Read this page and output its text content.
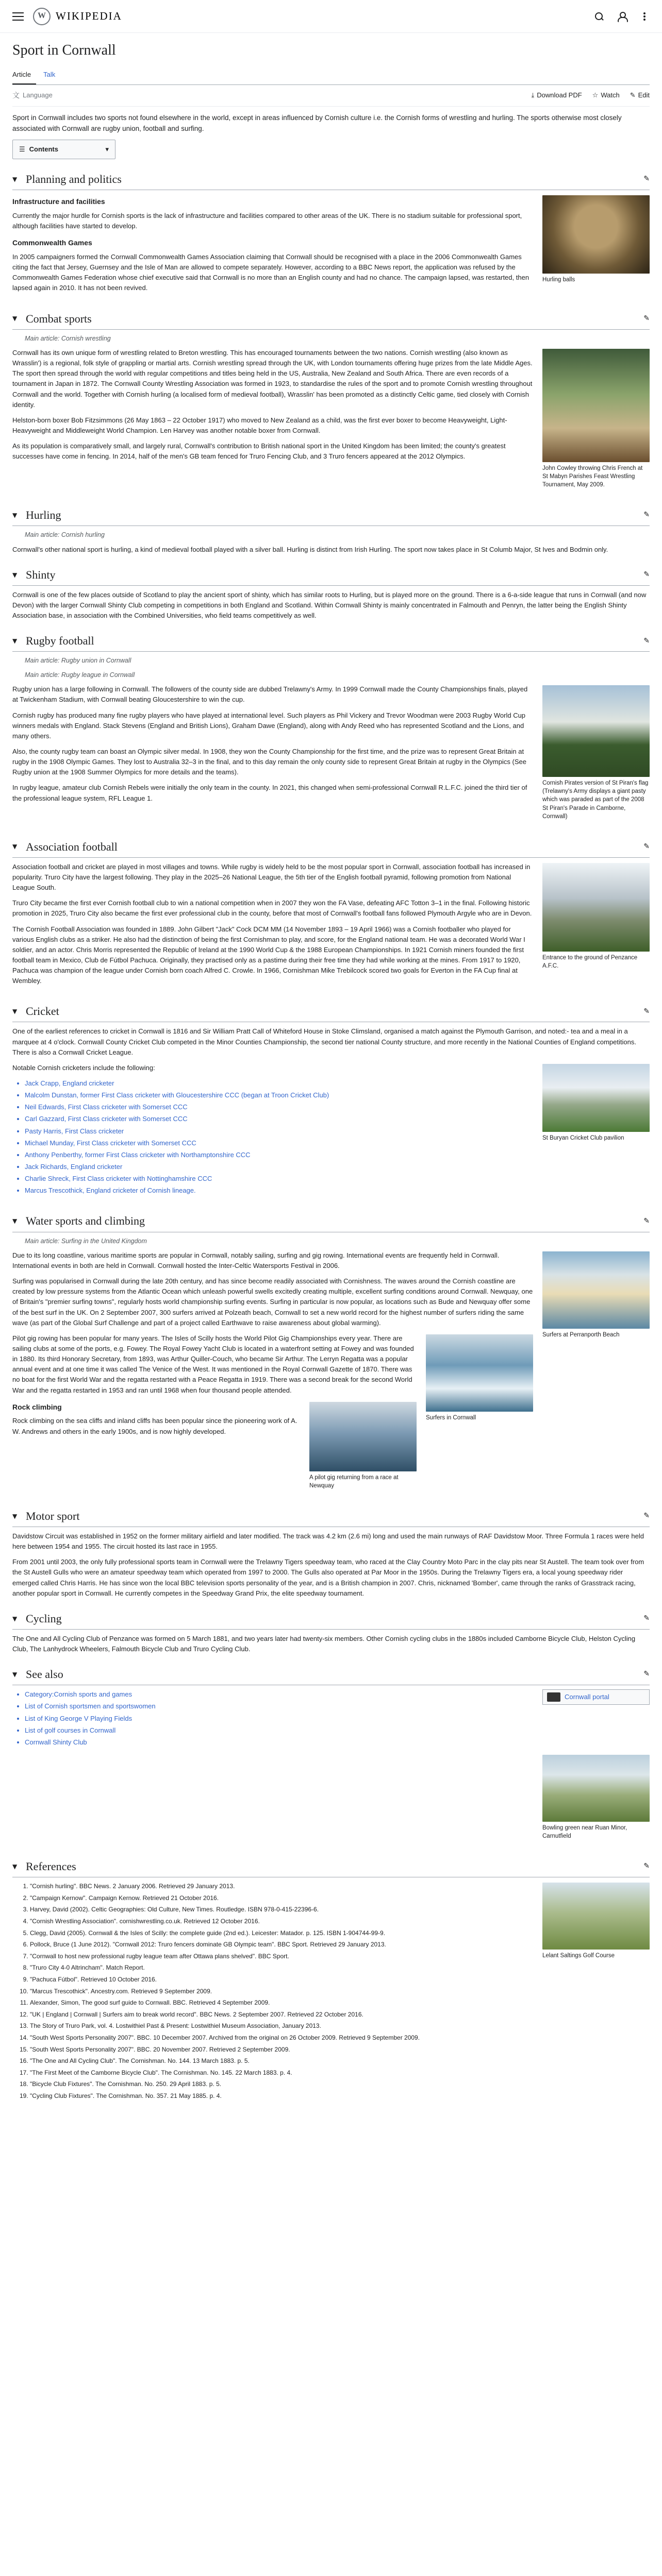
W WIKIPEDIA
Sport in Cornwall
Article	Talk
文 Language	⤓ Download PDF ☆ Watch ✎ Edit

Sport in Cornwall includes two sports not found elsewhere in the world, except in areas influenced by Cornish culture i.e. the Cornish forms of wrestling and hurling. The sports otherwise most closely associated with Cornwall are rugby union, football and surfing.

☰ Contents	▾
▼ Planning and politics	✎
Hurling balls
Infrastructure and facilities

Currently the major hurdle for Cornish sports is the lack of infrastructure and facilities compared to other areas of the UK. There is no stadium suitable for professional sport, although facilities have started to develop.

Commonwealth Games

In 2005 campaigners formed the Cornwall Commonwealth Games Association claiming that Cornwall should be recognised with a place in the 2006 Commonwealth Games citing the fact that Jersey, Guernsey and the Isle of Man are allowed to compete separately. However, according to a BBC News report, the application was refused by the Commonwealth Games Federation whose chief executive said that Cornwall is no more than an English county and had no chance. The campaign lapsed, was restarted, then lapsed again in 2010. It has not been revived.

▼ Combat sports	✎
Main article: Cornish wrestling
John Cowley throwing Chris French at St Mabyn Parishes Feast Wrestling Tournament, May 2009.

Cornwall has its own unique form of wrestling related to Breton wrestling. This has encouraged tournaments between the two nations. Cornish wrestling (also known as Wrasslin') is a regional, folk style of grappling or martial arts. Cornish wrestling spread through the UK, with London tournaments offering huge prizes from the late Middle Ages. The sport then spread through the world with regular competitions and titles being held in the US, Australia, New Zealand and South Africa. There are even records of a tournament in Japan in 1872. The Cornwall County Wrestling Association was formed in 1923, to standardise the rules of the sport and to promote Cornish wrestling throughout Cornwall and the world. Together with Cornish hurling (a localised form of medieval football), Wrasslin' has been promoted as a distinctly Celtic game, tied closely with Cornish identity.

Helston-born boxer Bob Fitzsimmons (26 May 1863 – 22 October 1917) who moved to New Zealand as a child, was the first ever boxer to become Heavyweight, Light-Heavyweight and Middleweight World Champion. Len Harvey was another notable boxer from Cornwall.

As its population is comparatively small, and largely rural, Cornwall's contribution to British national sport in the United Kingdom has been limited; the county's greatest successes have come in fencing. In 2014, half of the men's GB team fenced for Truro Fencing Club, and 3 Truro fencers appeared at the 2012 Olympics.

▼ Hurling	✎
Main article: Cornish hurling

Cornwall's other national sport is hurling, a kind of medieval football played with a silver ball. Hurling is distinct from Irish Hurling. The sport now takes place in St Columb Major, St Ives and Bodmin only.

▼ Shinty	✎

Cornwall is one of the few places outside of Scotland to play the ancient sport of shinty, which has similar roots to Hurling, but is played more on the ground. There is a 6-a-side league that runs in Cornwall (and now Devon) with the larger Cornwall Shinty Club competing in competitions in both England and Scotland. Within Cornwall Shinty is mainly concentrated in Falmouth and Penryn, the latter being the English Shinty Association base, in association with the Combined Universities, who field teams competitively as well.

▼ Rugby football	✎
Main article: Rugby union in Cornwall
Main article: Rugby league in Cornwall
Cornish Pirates version of St Piran's flag (Trelawny's Army displays a giant pasty which was paraded as part of the 2008 St Piran's Parade in Camborne, Cornwall)

Rugby union has a large following in Cornwall. The followers of the county side are dubbed Trelawny's Army. In 1999 Cornwall made the County Championships finals, played at Twickenham Stadium, with Cornwall beating Gloucestershire to win the cup.

Cornish rugby has produced many fine rugby players who have played at international level. Such players as Phil Vickery and Trevor Woodman were 2003 Rugby World Cup winners medals with England. Stack Stevens (England and British Lions), Graham Dawe (England), along with Andy Reed who has represented Scotland and the Lions, and many others.

Also, the county rugby team can boast an Olympic silver medal. In 1908, they won the County Championship for the first time, and the prize was to represent Great Britain at rugby in the 1908 Olympic Games. They lost to Australia 32–3 in the final, and to this day remain the only county side to represent Great Britain at rugby in the Olympics (See Rugby union at the 1908 Summer Olympics for more details and the teams).

In rugby league, amateur club Cornish Rebels were initially the only team in the county. In 2021, this changed when semi-professional Cornwall R.L.F.C. joined the third tier of the professional league system, RFL League 1.

▼ Association football	✎
Entrance to the ground of Penzance A.F.C.

Association football and cricket are played in most villages and towns. While rugby is widely held to be the most popular sport in Cornwall, association football has increased in popularity. Truro City have the largest following. They play in the 2025–26 National League, the 5th tier of the English football pyramid, following promotion from National League South.

Truro City became the first ever Cornish football club to win a national competition when in 2007 they won the FA Vase, defeating AFC Totton 3–1 in the final. Following historic promotion in 2025, Truro City also became the first ever professional club in the county, before that most of Cornwall's football fans followed Plymouth Argyle who are in Devon.

The Cornish Football Association was founded in 1889. John Gilbert "Jack" Cock DCM MM (14 November 1893 – 19 April 1966) was a Cornish footballer who played for various English clubs as a striker. He also had the distinction of being the first Cornishman to play, and score, for the England national team. He was a decorated World War I soldier, and an actor. Chris Morris represented the Republic of Ireland at the 1990 World Cup & the 1988 European Championships. In 1921 Cornish miners founded the first football team in Mexico, Club de Fútbol Pachuca. Originally, they practised only as a pastime during their free time they had while working at the mines. From 1917 to 1920, Pachuca was champion of the league under Cornish born coach Alfred C. Crowle. In 1966, Cornishman Mike Trebilcock scored two goals for Everton in the FA Cup final at Wembley.

▼ Cricket	✎

One of the earliest references to cricket in Cornwall is 1816 and Sir William Pratt Call of Whiteford House in Stoke Climsland, organised a match against the Plymouth Garrison, and noted:- tea and a meal in a marquee at 4 o'clock. Cornwall County Cricket Club competed in the Minor Counties Championship, the second tier national County structure, and more recently in the National Counties of England competitions. There is also a Cornwall Cricket League.

St Buryan Cricket Club pavilion

Notable Cornish cricketers include the following:

• Jack Crapp, England cricketer
• Malcolm Dunstan, former First Class cricketer with Gloucestershire CCC (began at Troon Cricket Club)
• Neil Edwards, First Class cricketer with Somerset CCC
• Carl Gazzard, First Class cricketer with Somerset CCC
• Pasty Harris, First Class cricketer
• Michael Munday, First Class cricketer with Somerset CCC
• Anthony Penberthy, former First Class cricketer with Northamptonshire CCC
• Jack Richards, England cricketer
• Charlie Shreck, First Class cricketer with Nottinghamshire CCC
• Marcus Trescothick, England cricketer of Cornish lineage.
▼ Water sports and climbing	✎
Main article: Surfing in the United Kingdom
Surfers at Perranporth Beach

Due to its long coastline, various maritime sports are popular in Cornwall, notably sailing, surfing and gig rowing. International events are frequently held in Cornwall. International events in both are held in Cornwall. Cornwall hosted the Inter-Celtic Watersports Festival in 2006.

Surfing was popularised in Cornwall during the late 20th century, and has since become readily associated with Cornishness. The waves around the Cornish coastline are created by low pressure systems from the Atlantic Ocean which unleash powerful swells excitedly creating multiple, excellent surfing conditions around Cornwall. Newquay, one of Britain's "premier surfing towns", regularly hosts world championship surfing events. Surfing in particular is now popular, as locations such as Bude and Newquay offer some of the best surf in the UK. On 2 September 2007, 300 surfers arrived at Polzeath beach, Cornwall to set a new world record for the highest number of surfers riding the same wave (as part of the Global Surf Challenge and part of a project called Earthwave to raise awareness about global warming).

Surfers in Cornwall

Pilot gig rowing has been popular for many years. The Isles of Scilly hosts the World Pilot Gig Championships every year. There are sailing clubs at some of the ports, e.g. Fowey. The Royal Fowey Yacht Club is located in a waterfront setting at Fowey and was founded in 1880. Its third Honorary Secretary, from 1893, was Arthur Quiller-Couch, who became Sir Arthur. The Lerryn Regatta was a popular annual event and at one time it was called The Venice of the West. It was mentioned in the Royal Cornwall Gazette of 1870. There was no boat for the first World War and the regatta restarted with a Peace Regatta in 1919. There was a second break for the second World War and the regatta restarted in 1953 and ran until 1968 when four thousand people attended.

A pilot gig returning from a race at Newquay
Rock climbing

Rock climbing on the sea cliffs and inland cliffs has been popular since the pioneering work of A. W. Andrews and others in the early 1900s, and is now highly developed.

▼ Motor sport	✎

Davidstow Circuit was established in 1952 on the former military airfield and later modified. The track was 4.2 km (2.6 mi) long and used the main runways of RAF Davidstow Moor. Three Formula 1 races were held here between 1954 and 1955. The circuit hosted its last race in 1955.

From 2001 until 2003, the only fully professional sports team in Cornwall were the Trelawny Tigers speedway team, who raced at the Clay Country Moto Parc in the clay pits near St Austell. The team took over from the St Austell Gulls who were an amateur speedway team which operated from 1997 to 2000. The Gulls also operated at Par Moor in the 1950s. During the Trelawny Tigers era, a local young speedway rider emerged called Chris Harris. He has since won the local BBC television sports personality of the year, and is a British champion in 2007. Chris, nicknamed 'Bomber', came through the ranks of Grasstrack racing, another popular sport in Cornwall. He currently competes in the Speedway Grand Prix, the elite speedway tournament.

▼ Cycling	✎

The One and All Cycling Club of Penzance was formed on 5 March 1881, and two years later had twenty-six members. Other Cornish cycling clubs in the 1880s included Camborne Bicycle Club, Helston Cycling Club, The Lanhydrock Wheelers, Falmouth Bicycle Club and Truro Cycling Club.

▼ See also	✎
Cornwall portal
• Category:Cornish sports and games
• List of Cornish sportsmen and sportswomen
• List of King George V Playing Fields
• List of golf courses in Cornwall
• Cornwall Shinty Club
Bowling green near Ruan Minor, Carnutfield
▼ References	✎
Lelant Saltings Golf Course
1. "Cornish hurling". BBC News. 2 January 2006. Retrieved 29 January 2013.
2. "Campaign Kernow". Campaign Kernow. Retrieved 21 October 2016.
3. Harvey, David (2002). Celtic Geographies: Old Culture, New Times. Routledge. ISBN 978-0-415-22396-6.
4. "Cornish Wrestling Association". cornishwrestling.co.uk. Retrieved 12 October 2016.
5. Clegg, David (2005). Cornwall & the Isles of Scilly: the complete guide (2nd ed.). Leicester: Matador. p. 125. ISBN 1-904744-99-9.
6. Pollock, Bruce (1 June 2012). "Cornwall 2012: Truro fencers dominate GB Olympic team". BBC Sport. Retrieved 29 January 2013.
7. "Cornwall to host new professional rugby league team after Ottawa plans shelved". BBC Sport.
8. "Truro City 4-0 Altrincham". Match Report.
9. "Pachuca Fútbol". Retrieved 10 October 2016.
10. "Marcus Trescothick". Ancestry.com. Retrieved 9 September 2009.
11. Alexander, Simon, The good surf guide to Cornwall. BBC. Retrieved 4 September 2009.
12. "UK | England | Cornwall | Surfers aim to break world record". BBC News. 2 September 2007. Retrieved 22 October 2016.
13. The Story of Truro Park, vol. 4. Lostwithiel Past & Present: Lostwithiel Museum Association, January 2013.
14. "South West Sports Personality 2007". BBC. 10 December 2007. Archived from the original on 26 October 2009. Retrieved 9 September 2009.
15. "South West Sports Personality 2007". BBC. 20 November 2007. Retrieved 2 September 2009.
16. "The One and All Cycling Club". The Cornishman. No. 144. 13 March 1883. p. 5.
17. "The First Meet of the Camborne Bicycle Club". The Cornishman. No. 145. 22 March 1883. p. 4.
18. "Bicycle Club Fixtures". The Cornishman. No. 250. 29 April 1883. p. 5.
19. "Cycling Club Fixtures". The Cornishman. No. 357. 21 May 1885. p. 4.
